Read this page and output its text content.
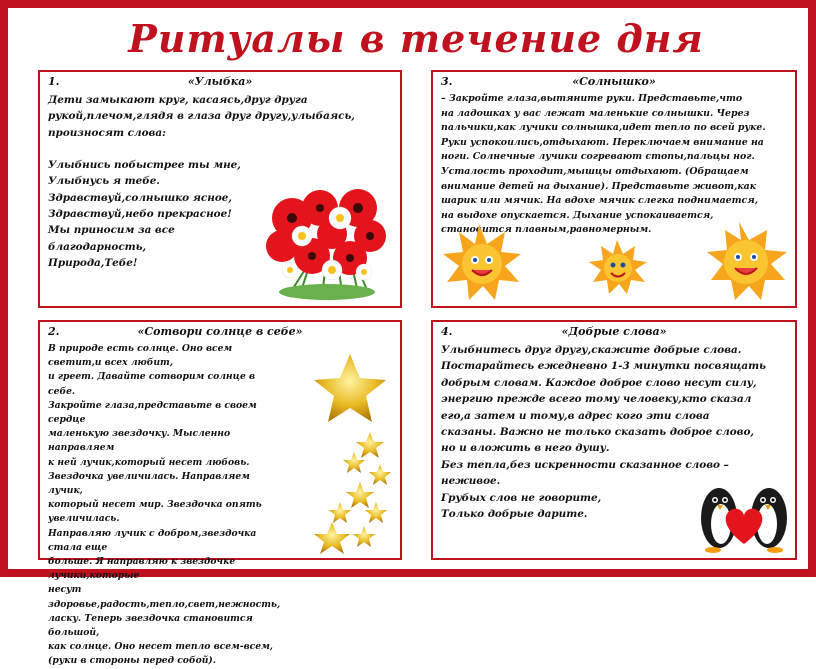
Ритуалы в течение дня
1.	«Улыбка»
Дети замыкают круг, касаясь,друг друга
рукой,плечом,глядя в глаза друг другу,улыбаясь,
произносят слова:

Улыбнись побыстрее ты мне,
Улыбнусь я тебе.
Здравствуй,солнышко ясное,
Здравствуй,небо прекрасное!
Мы приносим за все
благодарность,
Природа,Тебе!
3.	«Солнышко»
– Закройте глаза,вытяните руки. Представьте,что
на ладошках у вас лежат маленькие солнышки. Через
пальчики,как лучики солнышка,идет тепло по всей руке.
Руки успокоились,отдыхают. Переключаем внимание на
ноги. Солнечные лучики согревают стопы,пальцы ног.
Усталость проходит,мышцы отдыхают. (Обращаем
внимание детей на дыхание). Представьте живот,как
шарик или мячик. На вдохе мячик слегка поднимается,
на выдохе опускается. Дыхание успокаивается,
становится плавным,равномерным.
2.	«Сотвори солнце в себе»
В природе есть солнце. Оно всем светит,и всех любит,
и греет. Давайте сотворим солнце в себе.
Закройте глаза,представьте в своем сердце
маленькую звездочку. Мысленно направляем
к ней лучик,который несет любовь.
Звездочка увеличилась. Направляем лучик,
который несет мир. Звездочка опять увеличилась.
Направляю лучик с добром,звездочка стала еще
больше. Я направляю к звездочке лучики,которые
несут здоровье,радость,тепло,свет,нежность,
ласку. Теперь звездочка становится большой,
как солнце. Оно несет тепло всем-всем,
(руки в стороны перед собой).
4.	«Добрые слова»
Улыбнитесь друг другу,скажите добрые слова.
Постарайтесь ежедневно 1-3 минутки посвящать
добрым словам. Каждое доброе слово несут силу,
энергию прежде всего тому человеку,кто сказал
его,а затем и тому,в адрес кого эти слова
сказаны. Важно не только сказать доброе слово,
но и вложить в него душу.
Без тепла,без искренности сказанное слово –
неживое.
Грубых слов не говорите,
Только добрые дарите.
